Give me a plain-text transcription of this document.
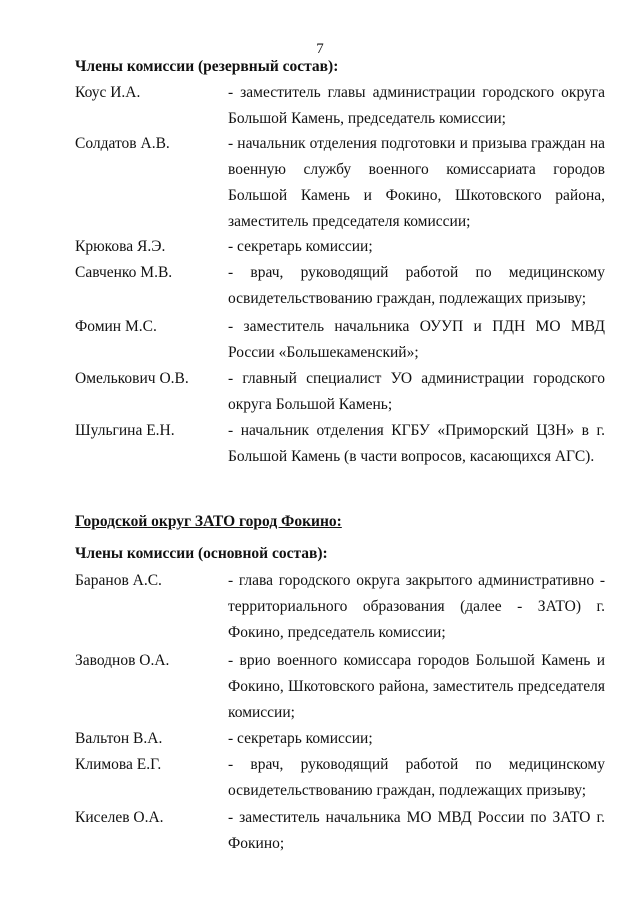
7
Члены комиссии (резервный состав):
Коус И.А.	- заместитель главы администрации городского округа Большой Камень, председатель комиссии;
Солдатов А.В.	- начальник отделения подготовки и призыва граждан на военную службу военного комиссариата городов Большой Камень и Фокино, Шкотовского района, заместитель председателя комиссии;
Крюкова Я.Э.	- секретарь комиссии;
Савченко М.В.	- врач, руководящий работой по медицинскому освидетельствованию граждан, подлежащих призыву;
Фомин М.С.	- заместитель начальника ОУУП и ПДН МО МВД России «Большекаменский»;
Омелькович О.В.	- главный специалист УО администрации городского округа Большой Камень;
Шульгина Е.Н.	- начальник отделения КГБУ «Приморский ЦЗН» в г. Большой Камень (в части вопросов, касающихся АГС).
Городской округ ЗАТО город Фокино:
Члены комиссии (основной состав):
Баранов А.С.	- глава городского округа закрытого административно - территориального образования (далее - ЗАТО) г. Фокино, председатель комиссии;
Заводнов О.А.	- врио военного комиссара городов Большой Камень и Фокино, Шкотовского района, заместитель председателя комиссии;
Вальтон В.А.	- секретарь комиссии;
Климова Е.Г.	- врач, руководящий работой по медицинскому освидетельствованию граждан, подлежащих призыву;
Киселев О.А.	- заместитель начальника МО МВД России по ЗАТО г. Фокино;
